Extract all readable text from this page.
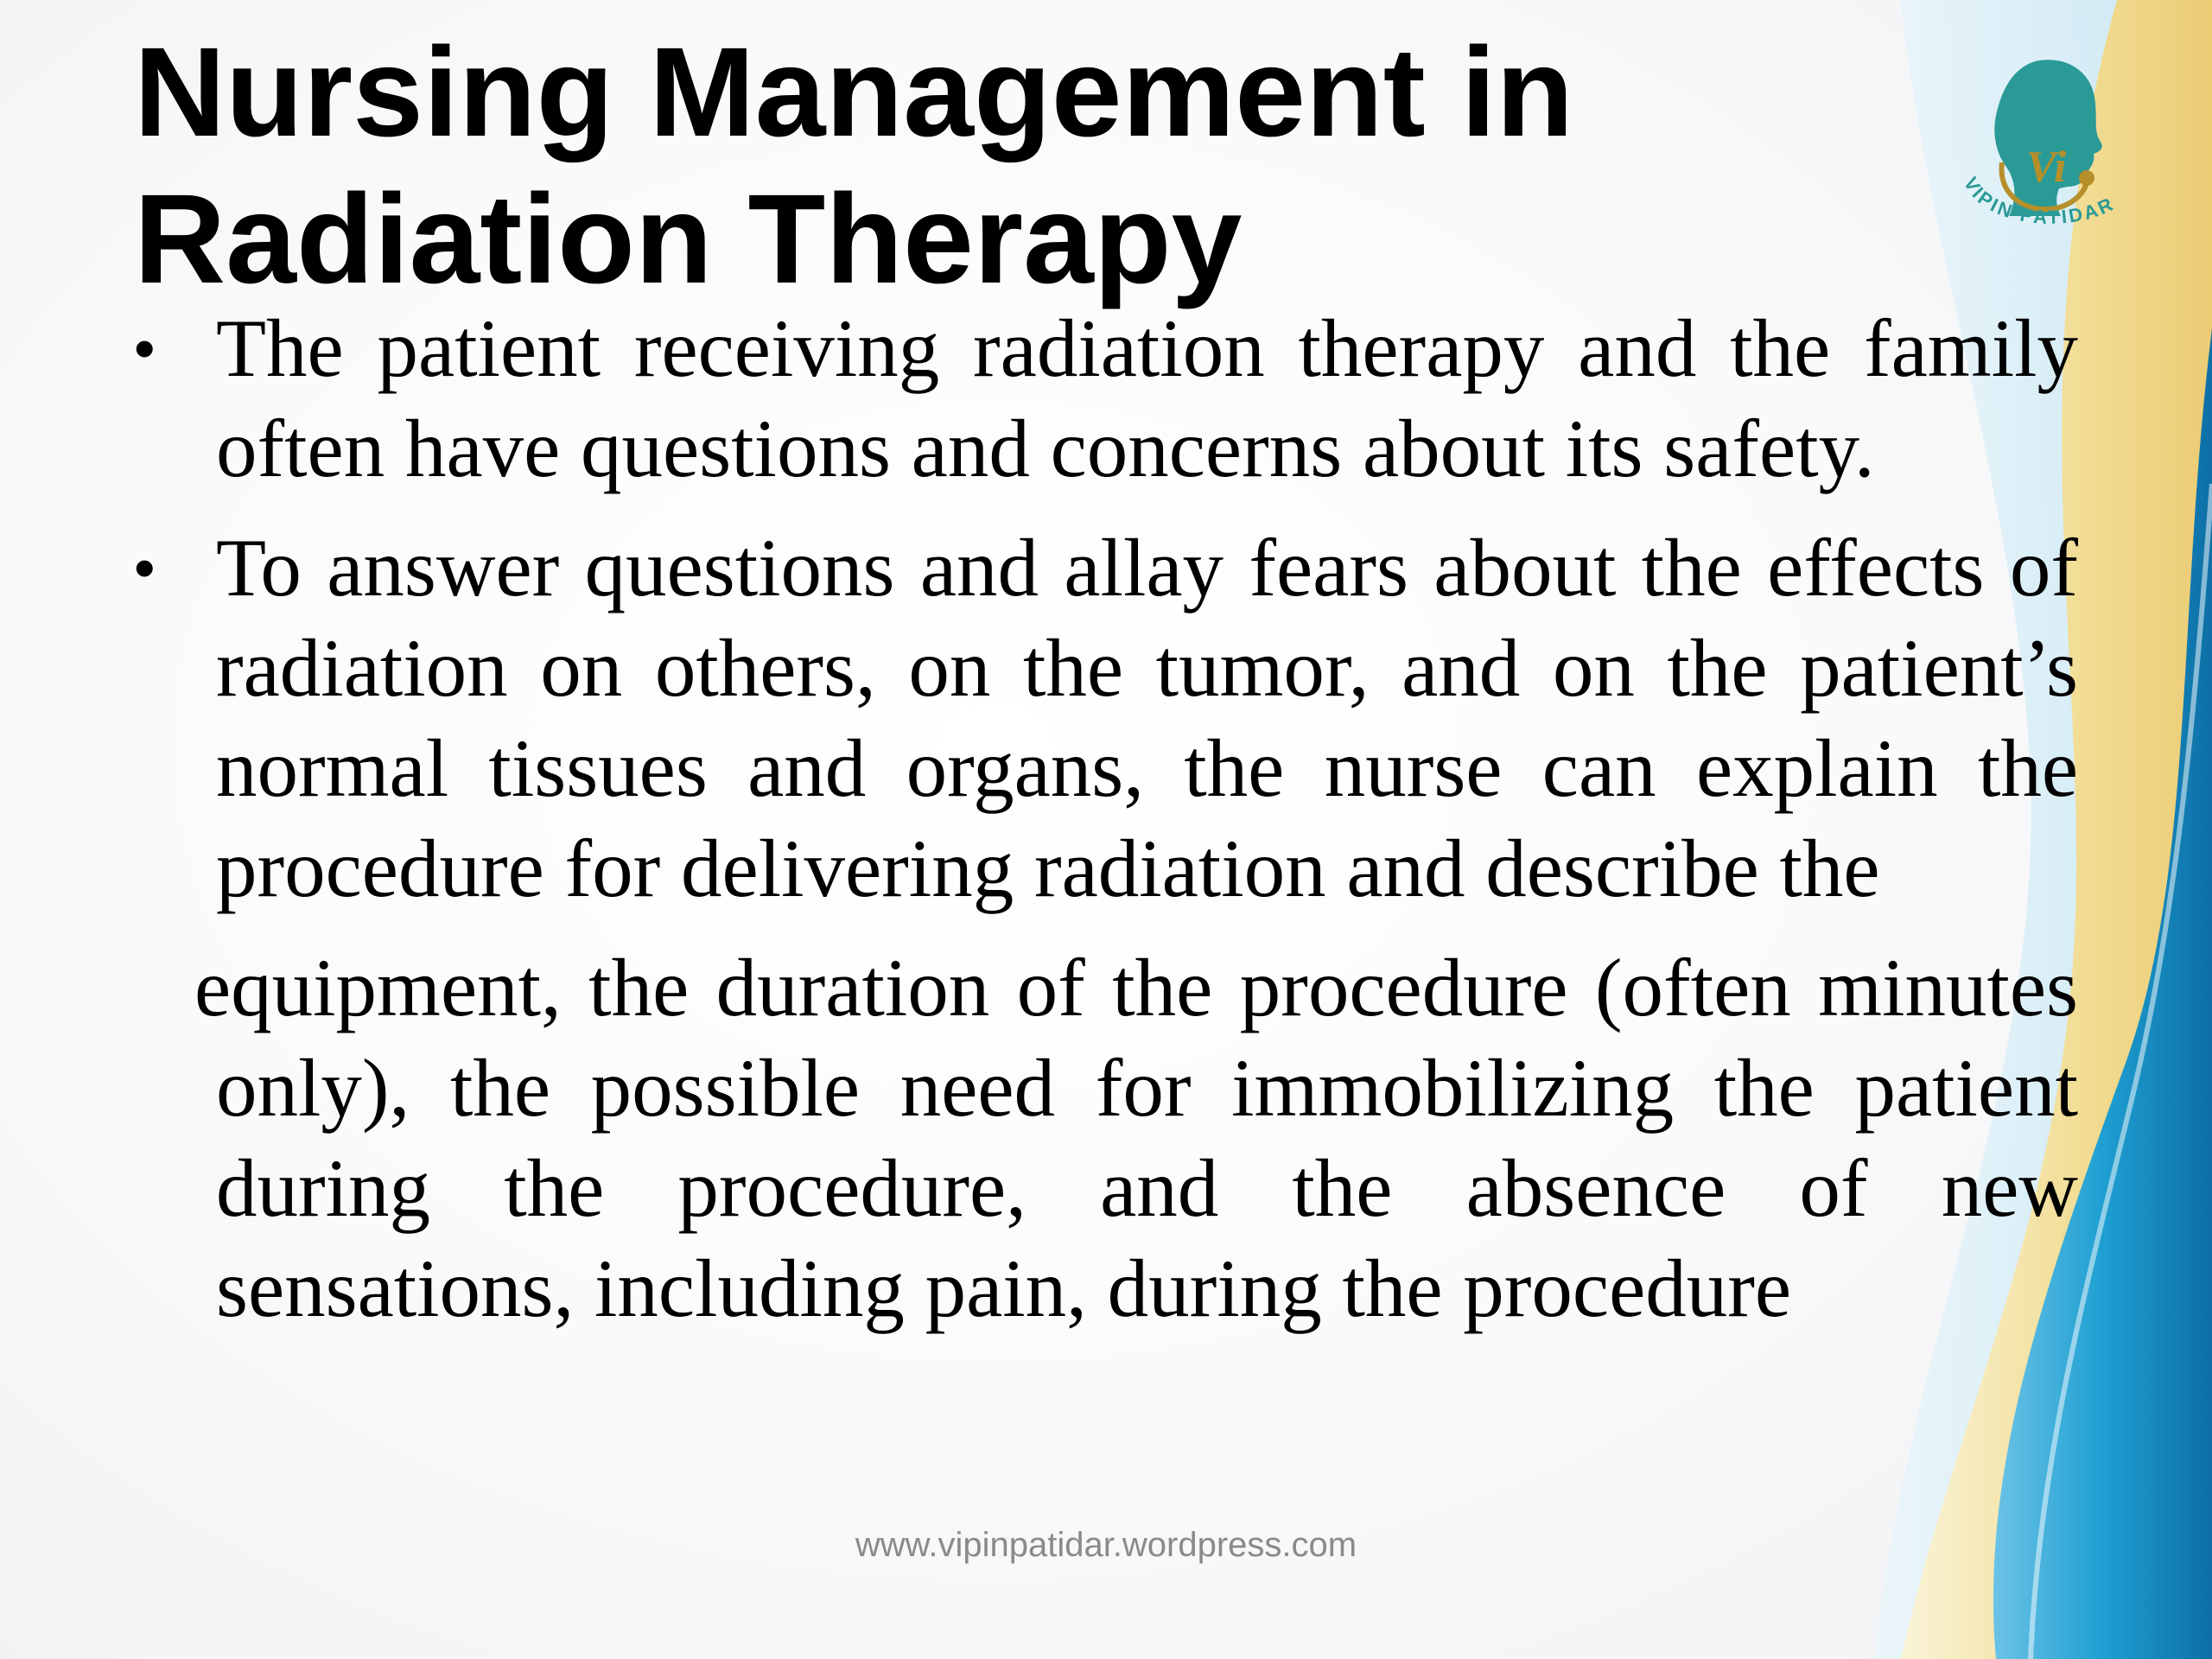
Vi
VIPIN PATIDAR
Nursing Management in
Radiation Therapy

• The patient receiving radiation therapy and the family often have questions and concerns about its safety.

• To answer questions and allay fears about the effects of radiation on others, on the tumor, and on the patient’s normal tissues and organs, the nurse can explain the procedure for delivering radiation and describe the

equipment, the duration of the procedure (often minutes
only), the possible need for immobilizing the patient during the procedure, and the absence of new sensations, including pain, during the procedure
www.vipinpatidar.wordpress.com
